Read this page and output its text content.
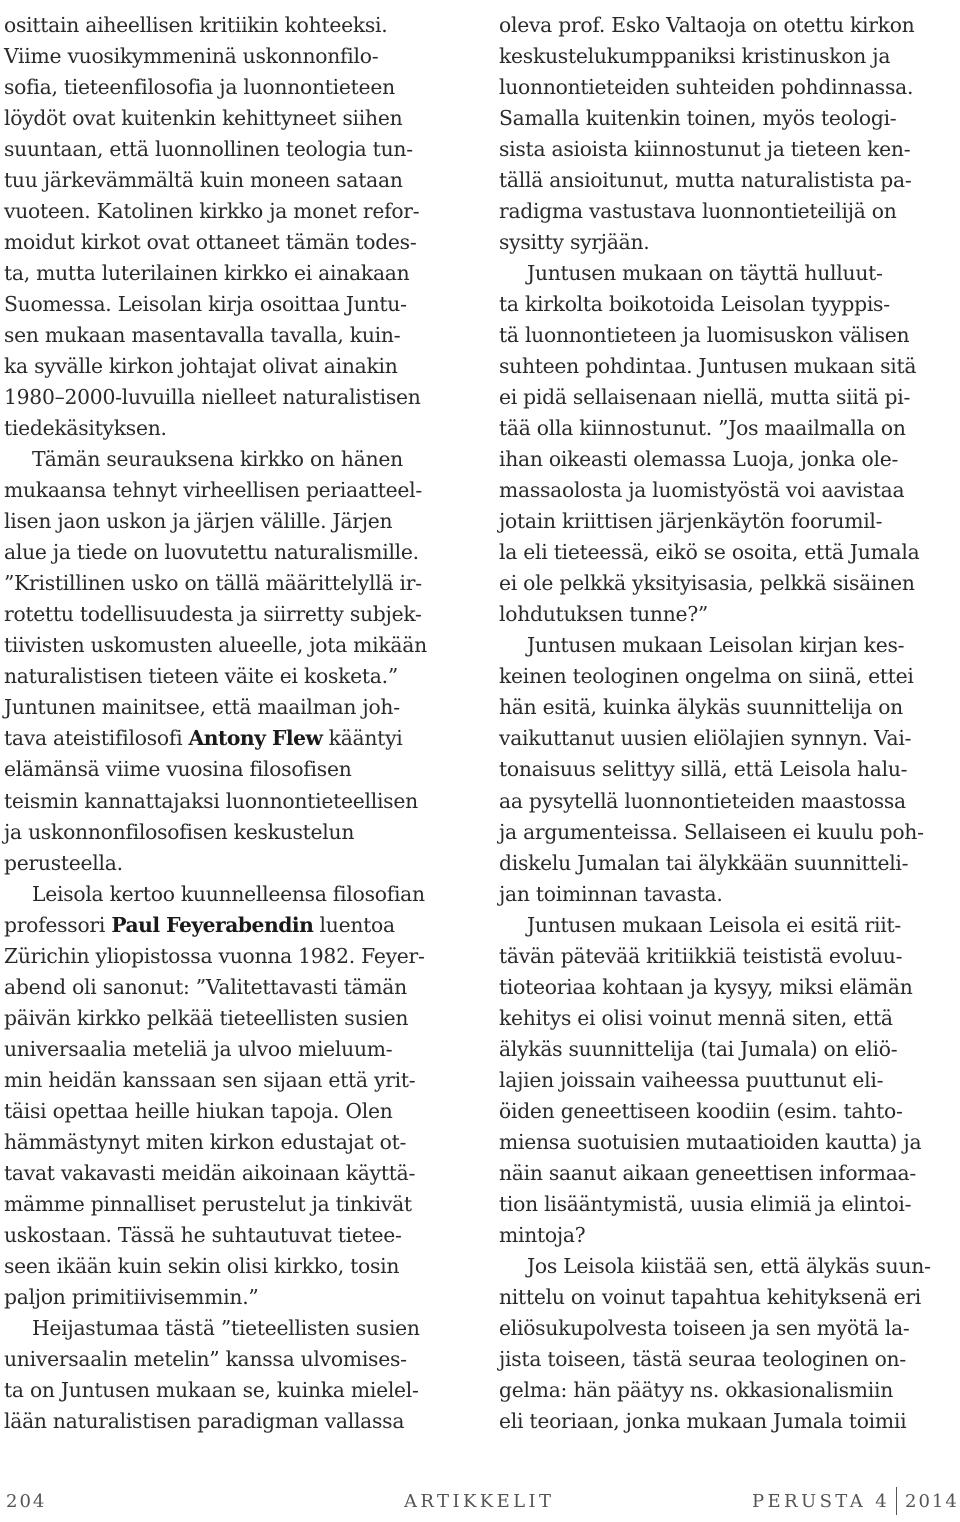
osittain aiheellisen kritiikin kohteeksi.
Viime vuosikymmeninä uskonnonfilo-
sofia, tieteenfilosofia ja luonnontieteen
löydöt ovat kuitenkin kehittyneet siihen
suuntaan, että luonnollinen teologia tun-
tuu järkevämmältä kuin moneen sataan
vuoteen. Katolinen kirkko ja monet refor-
moidut kirkot ovat ottaneet tämän todes-
ta, mutta luterilainen kirkko ei ainakaan
Suomessa. Leisolan kirja osoittaa Juntu-
sen mukaan masentavalla tavalla, kuin-
ka syvälle kirkon johtajat olivat ainakin
1980–2000-luvuilla nielleet naturalistisen
tiedekäsityksen.
Tämän seurauksena kirkko on hänen
mukaansa tehnyt virheellisen periaatteel-
lisen jaon uskon ja järjen välille. Järjen
alue ja tiede on luovutettu naturalismille.
”Kristillinen usko on tällä määrittelyllä ir-
rotettu todellisuudesta ja siirretty subjek-
tiivisten uskomusten alueelle, jota mikään
naturalistisen tieteen väite ei kosketa.”
Juntunen mainitsee, että maailman joh-
tava ateistifilosofi Antony Flew kääntyi
elämänsä viime vuosina filosofisen
teismin kannattajaksi luonnontieteellisen
ja uskonnonfilosofisen keskustelun
perusteella.
Leisola kertoo kuunnelleensa filosofian
professori Paul Feyerabendin luentoa
Zürichin yliopistossa vuonna 1982. Feyer-
abend oli sanonut: ”Valitettavasti tämän
päivän kirkko pelkää tieteellisten susien
universaalia meteliä ja ulvoo mieluum-
min heidän kanssaan sen sijaan että yrit-
täisi opettaa heille hiukan tapoja. Olen
hämmästynyt miten kirkon edustajat ot-
tavat vakavasti meidän aikoinaan käyttä-
mämme pinnalliset perustelut ja tinkivät
uskostaan. Tässä he suhtautuvat tietee-
seen ikään kuin sekin olisi kirkko, tosin
paljon primitiivisemmin.”
Heijastumaa tästä ”tieteellisten susien
universaalin metelin” kanssa ulvomises-
ta on Juntusen mukaan se, kuinka mielel-
lään naturalistisen paradigman vallassa
oleva prof. Esko Valtaoja on otettu kirkon
keskustelukumppaniksi kristinuskon ja
luonnontieteiden suhteiden pohdinnassa.
Samalla kuitenkin toinen, myös teologi-
sista asioista kiinnostunut ja tieteen ken-
tällä ansioitunut, mutta naturalistista pa-
radigma vastustava luonnontieteilijä on
sysitty syrjään.
Juntusen mukaan on täyttä hulluut-
ta kirkolta boikotoida Leisolan tyyppis-
tä luonnontieteen ja luomisuskon välisen
suhteen pohdintaa. Juntusen mukaan sitä
ei pidä sellaisenaan niellä, mutta siitä pi-
tää olla kiinnostunut. ”Jos maailmalla on
ihan oikeasti olemassa Luoja, jonka ole-
massaolosta ja luomistyöstä voi aavistaa
jotain kriittisen järjenkäytön foorumil-
la eli tieteessä, eikö se osoita, että Jumala
ei ole pelkkä yksityisasia, pelkkä sisäinen
lohdutuksen tunne?”
Juntusen mukaan Leisolan kirjan kes-
keinen teologinen ongelma on siinä, ettei
hän esitä, kuinka älykäs suunnittelija on
vaikuttanut uusien eliölajien synnyn. Vai-
tonaisuus selittyy sillä, että Leisola halu-
aa pysytellä luonnontieteiden maastossa
ja argumenteissa. Sellaiseen ei kuulu poh-
diskelu Jumalan tai älykkään suunnitteli-
jan toiminnan tavasta.
Juntusen mukaan Leisola ei esitä riit-
tävän pätevää kritiikkiä teististä evoluu-
tioteoriaa kohtaan ja kysyy, miksi elämän
kehitys ei olisi voinut mennä siten, että
älykäs suunnittelija (tai Jumala) on eliö-
lajien joissain vaiheessa puuttunut eli-
öiden geneettiseen koodiin (esim. tahto-
miensa suotuisien mutaatioiden kautta) ja
näin saanut aikaan geneettisen informaa-
tion lisääntymistä, uusia elimiä ja elintoi-
mintoja?
Jos Leisola kiistää sen, että älykäs suun-
nittelu on voinut tapahtua kehityksenä eri
eliösukupolvesta toiseen ja sen myötä la-
jista toiseen, tästä seuraa teologinen on-
gelma: hän päätyy ns. okkasionalismiin
eli teoriaan, jonka mukaan Jumala toimii
204	ARTIKKELIT	PERUSTA 4 2014
